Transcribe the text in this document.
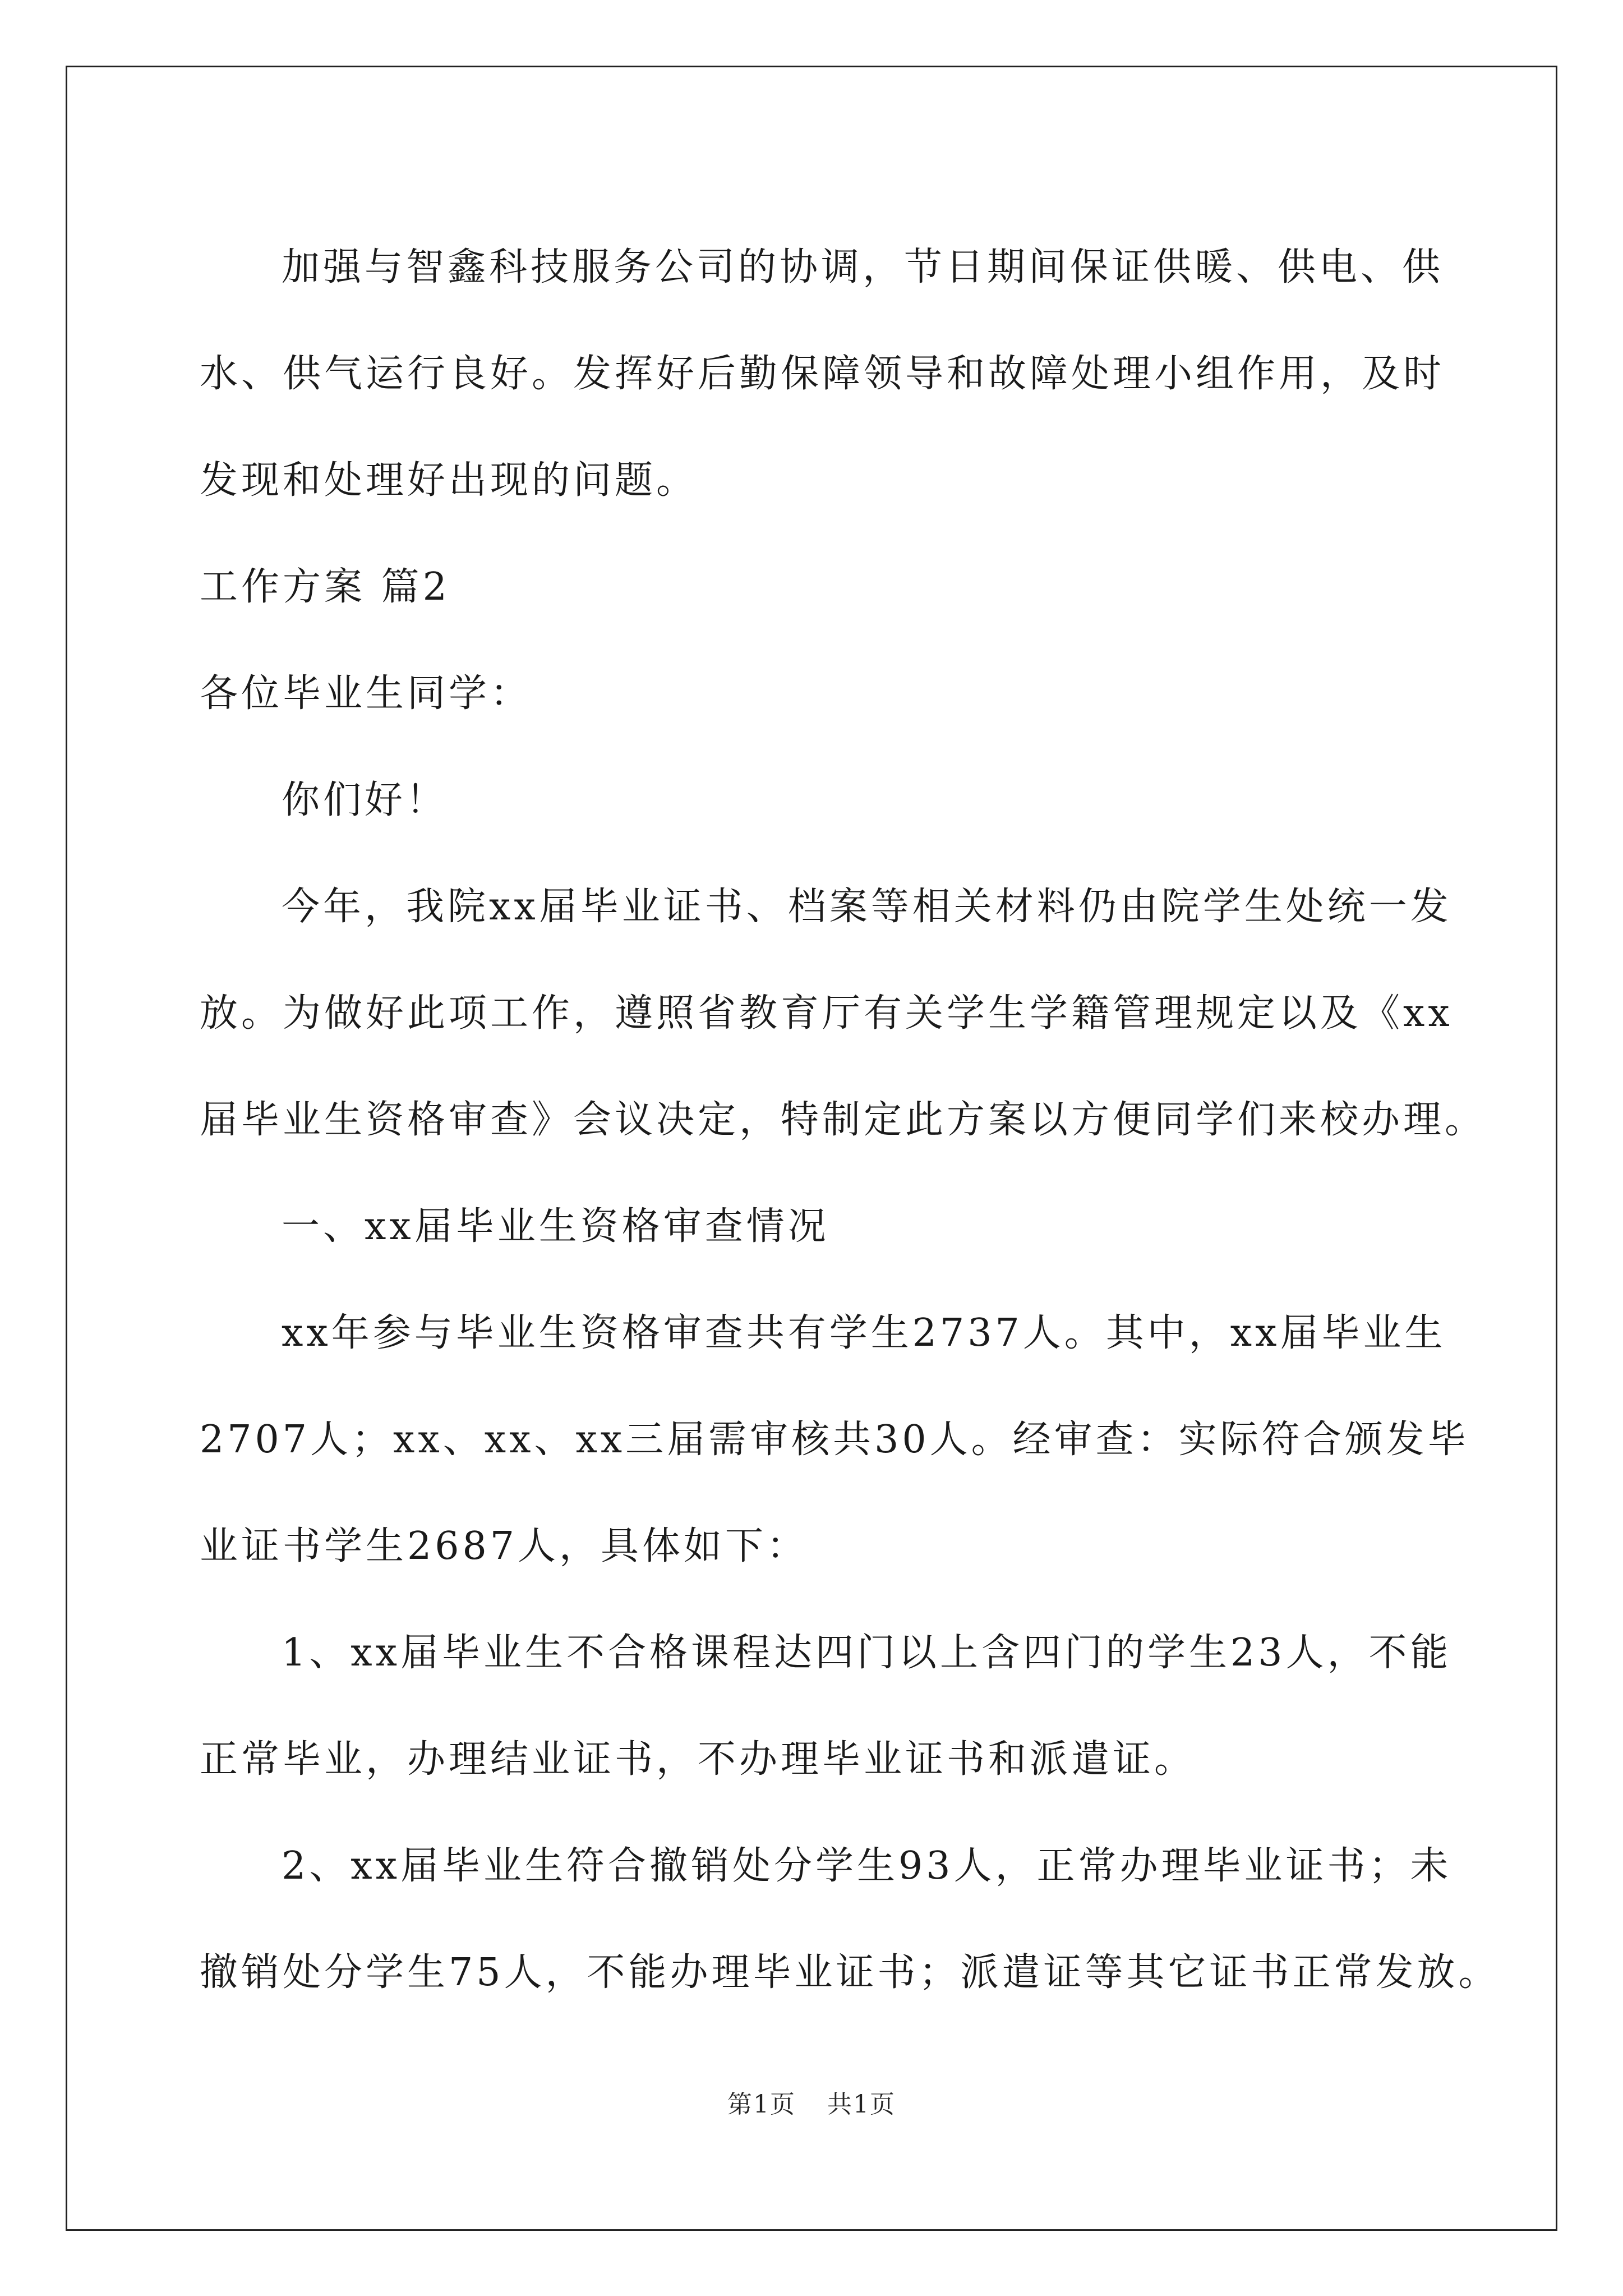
加强与智鑫科技服务公司的协调，节日期间保证供暖、供电、供

水、供气运行良好。发挥好后勤保障领导和故障处理小组作用，及时

发现和处理好出现的问题。

工作方案 篇2

各位毕业生同学：

你们好！

今年，我院xx届毕业证书、档案等相关材料仍由院学生处统一发

放。为做好此项工作，遵照省教育厅有关学生学籍管理规定以及《xx

届毕业生资格审查》会议决定，特制定此方案以方便同学们来校办理。

一、xx届毕业生资格审查情况

xx年参与毕业生资格审查共有学生2737人。其中，xx届毕业生

2707人；xx、xx、xx三届需审核共30人。经审查：实际符合颁发毕

业证书学生2687人，具体如下：

1、xx届毕业生不合格课程达四门以上含四门的学生23人，不能

正常毕业，办理结业证书，不办理毕业证书和派遣证。

2、xx届毕业生符合撤销处分学生93人，正常办理毕业证书；未

撤销处分学生75人，不能办理毕业证书；派遣证等其它证书正常发放。

第1页 共1页
